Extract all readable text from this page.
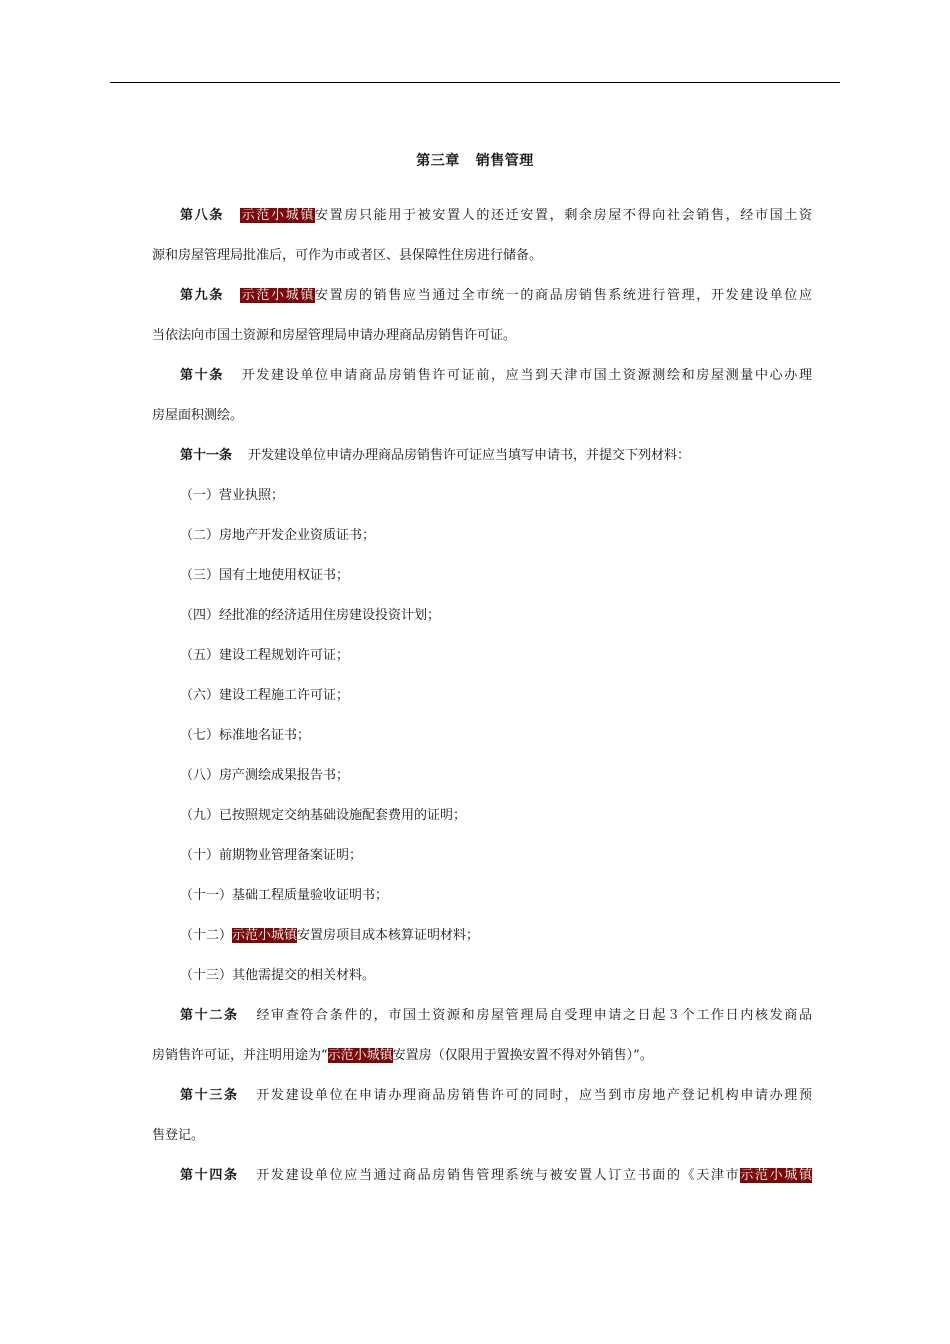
第三章 销售管理
第八条 示范小城镇安置房只能用于被安置人的还迁安置，剩余房屋不得向社会销售，经市国土资
源和房屋管理局批准后，可作为市或者区、县保障性住房进行储备。
第九条 示范小城镇安置房的销售应当通过全市统一的商品房销售系统进行管理，开发建设单位应
当依法向市国土资源和房屋管理局申请办理商品房销售许可证。
第十条 开发建设单位申请商品房销售许可证前，应当到天津市国土资源测绘和房屋测量中心办理
房屋面积测绘。
第十一条 开发建设单位申请办理商品房销售许可证应当填写申请书，并提交下列材料：
（一）营业执照；
（二）房地产开发企业资质证书；
（三）国有土地使用权证书；
（四）经批准的经济适用住房建设投资计划；
（五）建设工程规划许可证；
（六）建设工程施工许可证；
（七）标准地名证书；
（八）房产测绘成果报告书；
（九）已按照规定交纳基础设施配套费用的证明；
（十）前期物业管理备案证明；
（十一）基础工程质量验收证明书；
（十二）示范小城镇安置房项目成本核算证明材料；
（十三）其他需提交的相关材料。
第十二条 经审查符合条件的，市国土资源和房屋管理局自受理申请之日起３个工作日内核发商品
房销售许可证，并注明用途为“示范小城镇安置房（仅限用于置换安置不得对外销售）”。
第十三条 开发建设单位在申请办理商品房销售许可的同时，应当到市房地产登记机构申请办理预
售登记。
第十四条 开发建设单位应当通过商品房销售管理系统与被安置人订立书面的《天津市示范小城镇
